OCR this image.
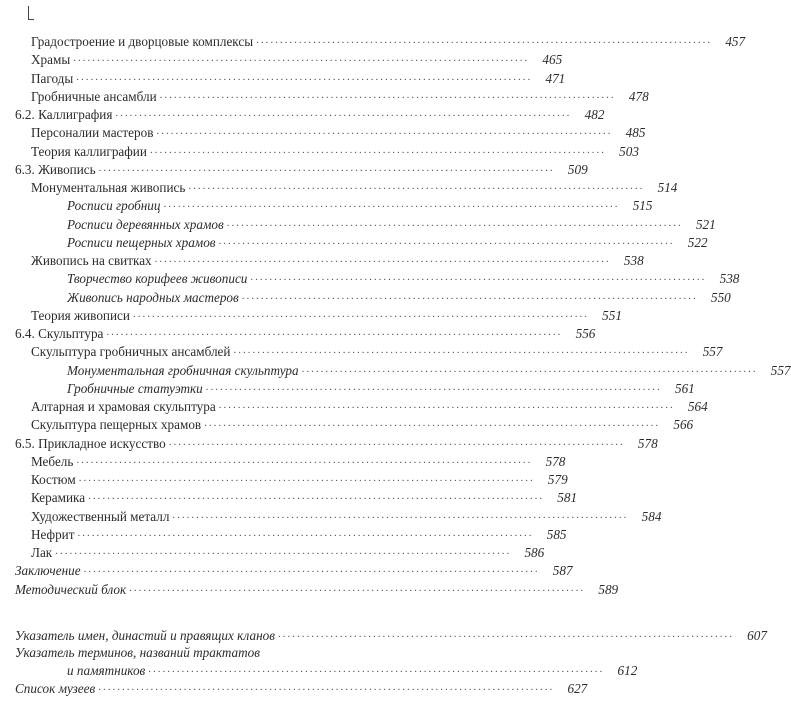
Градостроение и дворцовые комплексы ................................................................................................	457
Храмы ................................................................................................	465
Пагоды ................................................................................................	471
Гробничные ансамбли ................................................................................................	478
6.2. Каллиграфия ................................................................................................	482
Персоналии мастеров ................................................................................................	485
Теория каллиграфии ................................................................................................	503
6.3. Живопись ................................................................................................	509
Монументальная живопись ................................................................................................	514
Росписи гробниц ................................................................................................	515
Росписи деревянных храмов ................................................................................................	521
Росписи пещерных храмов ................................................................................................	522
Живопись на свитках ................................................................................................	538
Творчество корифеев живописи ................................................................................................	538
Живопись народных мастеров ................................................................................................	550
Теория живописи ................................................................................................	551
6.4. Скульптура ................................................................................................	556
Скульптура гробничных ансамблей ................................................................................................	557
Монументальная гробничная скульптура ................................................................................................	557
Гробничные статуэтки ................................................................................................	561
Алтарная и храмовая скульптура ................................................................................................	564
Скульптура пещерных храмов ................................................................................................	566
6.5. Прикладное искусство ................................................................................................	578
Мебель ................................................................................................	578
Костюм ................................................................................................	579
Керамика ................................................................................................	581
Художественный металл ................................................................................................	584
Нефрит ................................................................................................	585
Лак ................................................................................................	586
Заключение ................................................................................................	587
Методический блок ................................................................................................	589
Указатель имен, династий и правящих кланов ................................................................................................	607
Указатель терминов, названий трактатов
и памятников ................................................................................................	612
Список музеев ................................................................................................	627
